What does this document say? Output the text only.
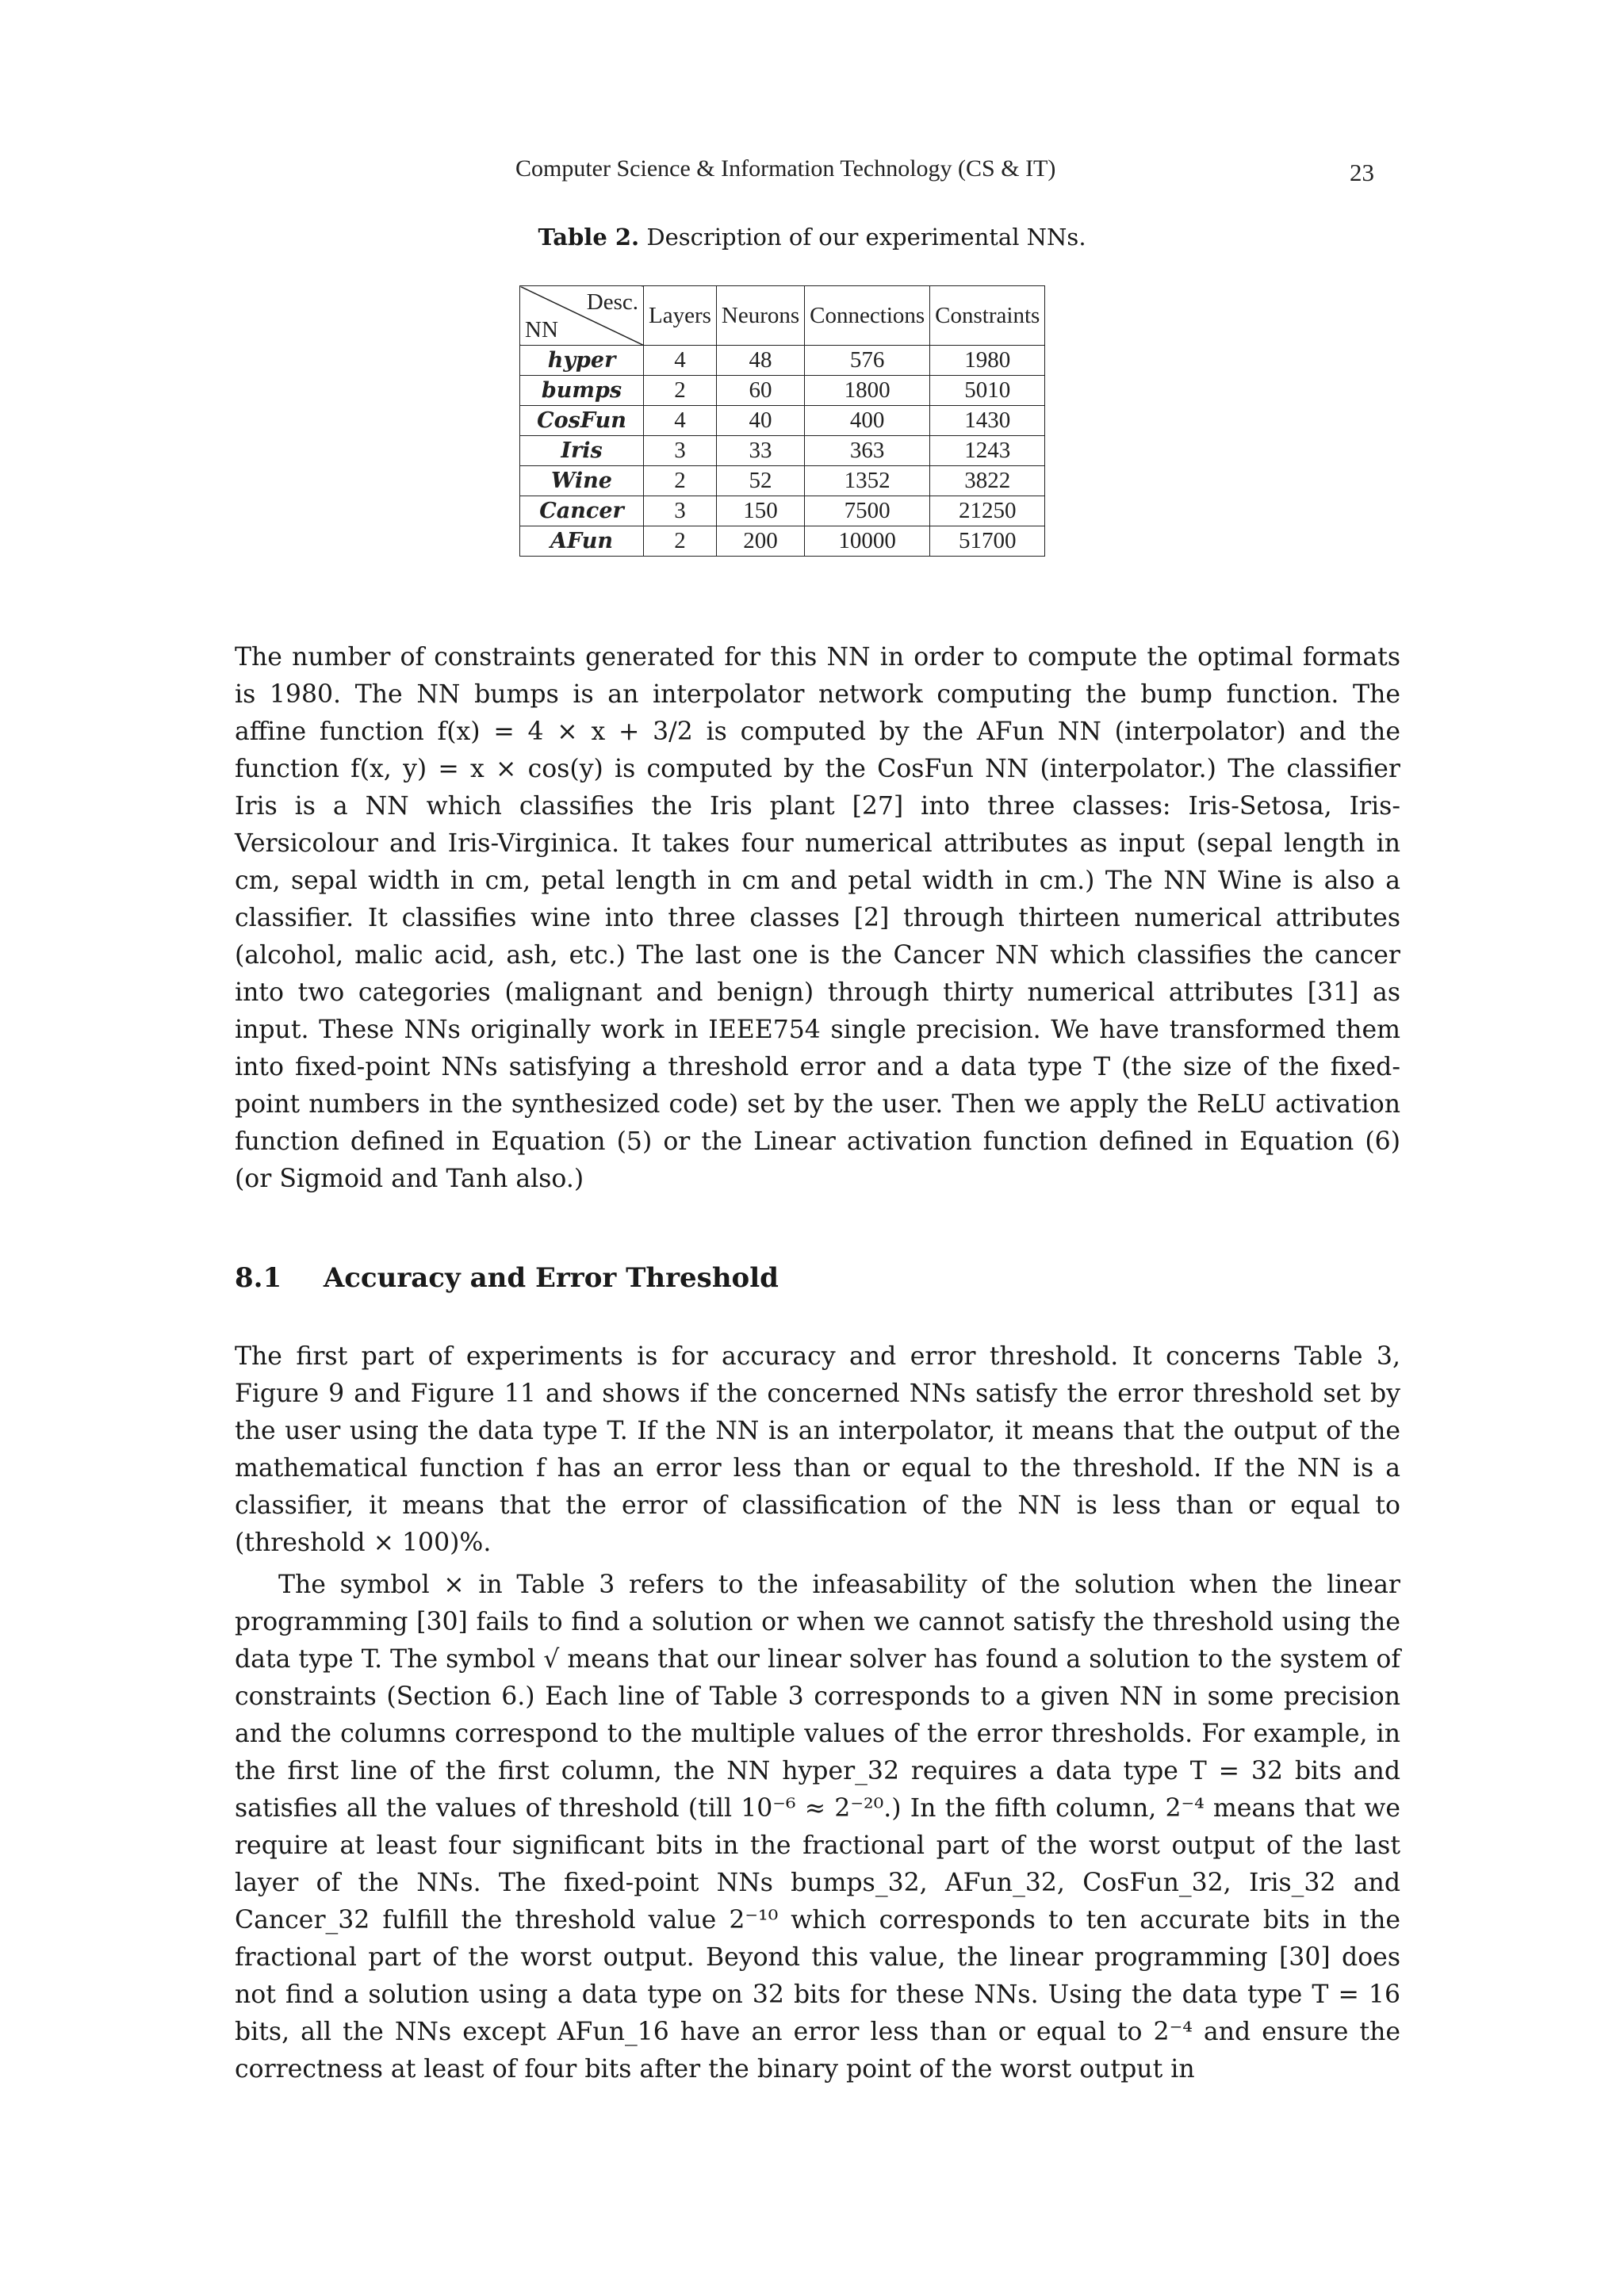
Computer Science & Information Technology (CS & IT)	23
Table 2. Description of our experimental NNs.
Desc.
NN	Layers	Neurons	Connections	Constraints
hyper	4	48	576	1980
bumps	2	60	1800	5010
CosFun	4	40	400	1430
Iris	3	33	363	1243
Wine	2	52	1352	3822
Cancer	3	150	7500	21250
AFun	2	200	10000	51700

The number of constraints generated for this NN in order to compute the optimal formats is 1980. The NN bumps is an interpolator network computing the bump function. The affine function f(x) = 4 × x + 3/2 is computed by the AFun NN (interpolator) and the function f(x, y) = x × cos(y) is computed by the CosFun NN (interpolator.) The classifier Iris is a NN which classifies the Iris plant [27] into three classes: Iris-Setosa, Iris-Versicolour and Iris-Virginica. It takes four numerical attributes as input (sepal length in cm, sepal width in cm, petal length in cm and petal width in cm.) The NN Wine is also a classifier. It classifies wine into three classes [2] through thirteen numerical attributes (alcohol, malic acid, ash, etc.) The last one is the Cancer NN which classifies the cancer into two categories (malignant and benign) through thirty numerical attributes [31] as input. These NNs originally work in IEEE754 single precision. We have transformed them into fixed-point NNs satisfying a threshold error and a data type T (the size of the fixed-point numbers in the synthesized code) set by the user. Then we apply the ReLU activation function defined in Equation (5) or the Linear activation function defined in Equation (6) (or Sigmoid and Tanh also.)

8.1 Accuracy and Error Threshold

The first part of experiments is for accuracy and error threshold. It concerns Table 3, Figure 9 and Figure 11 and shows if the concerned NNs satisfy the error threshold set by the user using the data type T. If the NN is an interpolator, it means that the output of the mathematical function f has an error less than or equal to the threshold. If the NN is a classifier, it means that the error of classification of the NN is less than or equal to (threshold × 100)%.

The symbol × in Table 3 refers to the infeasability of the solution when the linear programming [30] fails to find a solution or when we cannot satisfy the threshold using the data type T. The symbol √ means that our linear solver has found a solution to the system of constraints (Section 6.) Each line of Table 3 corresponds to a given NN in some precision and the columns correspond to the multiple values of the error thresholds. For example, in the first line of the first column, the NN hyper_32 requires a data type T = 32 bits and satisfies all the values of threshold (till 10⁻⁶ ≈ 2⁻²⁰.) In the fifth column, 2⁻⁴ means that we require at least four significant bits in the fractional part of the worst output of the last layer of the NNs. The fixed-point NNs bumps_32, AFun_32, CosFun_32, Iris_32 and Cancer_32 fulfill the threshold value 2⁻¹⁰ which corresponds to ten accurate bits in the fractional part of the worst output. Beyond this value, the linear programming [30] does not find a solution using a data type on 32 bits for these NNs. Using the data type T = 16 bits, all the NNs except AFun_16 have an error less than or equal to 2⁻⁴ and ensure the correctness at least of four bits after the binary point of the worst output in
